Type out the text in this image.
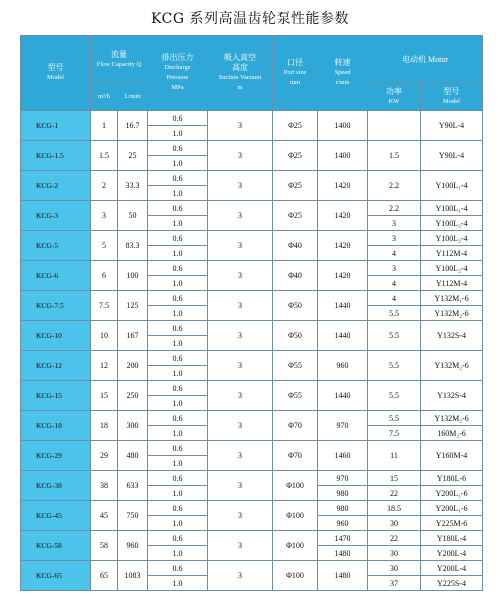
KCG 系列高温齿轮泵性能参数
型号
Model	流量
Flow Capacity Q		排出压力
Discharge
Pressure
MPa	吸入真空
高度
Suction Vacuum
m	口径
Port size
mm	转速
Speed
r/min	电动机 Motor	

	m³/h	L/min					功率
KW	型号
Model

KCG-1	1	16.7	0.6	3	Φ25	1400		Y90L-4
			1.0					
KCG-1.5	1.5	25	0.6	3	Φ25	1400	1.5	Y90L-4
			1.0					
KCG-2	2	33.3	0.6	3	Φ25	1420	2.2	Y100L₁-4
			1.0					
KCG-3	3	50	0.6	3	Φ25	1420	2.2	Y100L₁-4
			1.0				3	Y100L₂-4
KCG-5	5	83.3	0.6	3	Φ40	1420	3	Y100L₂-4
			1.0				4	Y112M-4
KCG-6	6	100	0.6	3	Φ40	1420	3	Y100L₂-4
			1.0				4	Y112M-4
KCG-7.5	7.5	125	0.6	3	Φ50	1440	4	Y132M₁-6
			1.0				5.5	Y132M₂-6
KCG-10	10	167	0.6	3	Φ50	1440	5.5	Y132S-4
			1.0					
KCG-12	12	200	0.6	3	Φ55	960	5.5	Y132M₂-6
			1.0					
KCG-15	15	250	0.6	3	Φ55	1440	5.5	Y132S-4
			1.0					
KCG-18	18	300	0.6	3	Φ70	970	5.5	Y132M₂-6
			1.0				7.5	160M₂-6
KCG-29	29	480	0.6	3	Φ70	1460	11	Y160M-4
			1.0					
KCG-38	38	633	0.6	3	Φ100	970	15	Y180L-6
			1.0			980	22	Y200L₁-6
KCG-45	45	750	0.6	3	Φ100	980	18.5	Y200L₁-6
			1.0			960	30	Y225M-6
KCG-58	58	960	0.6	3	Φ100	1470	22	Y180L-4
			1.0			1480	30	Y200L-4
KCG-65	65	1083	0.6	3	Φ100	1480	30	Y200L-4
			1.0				37	Y225S-4
